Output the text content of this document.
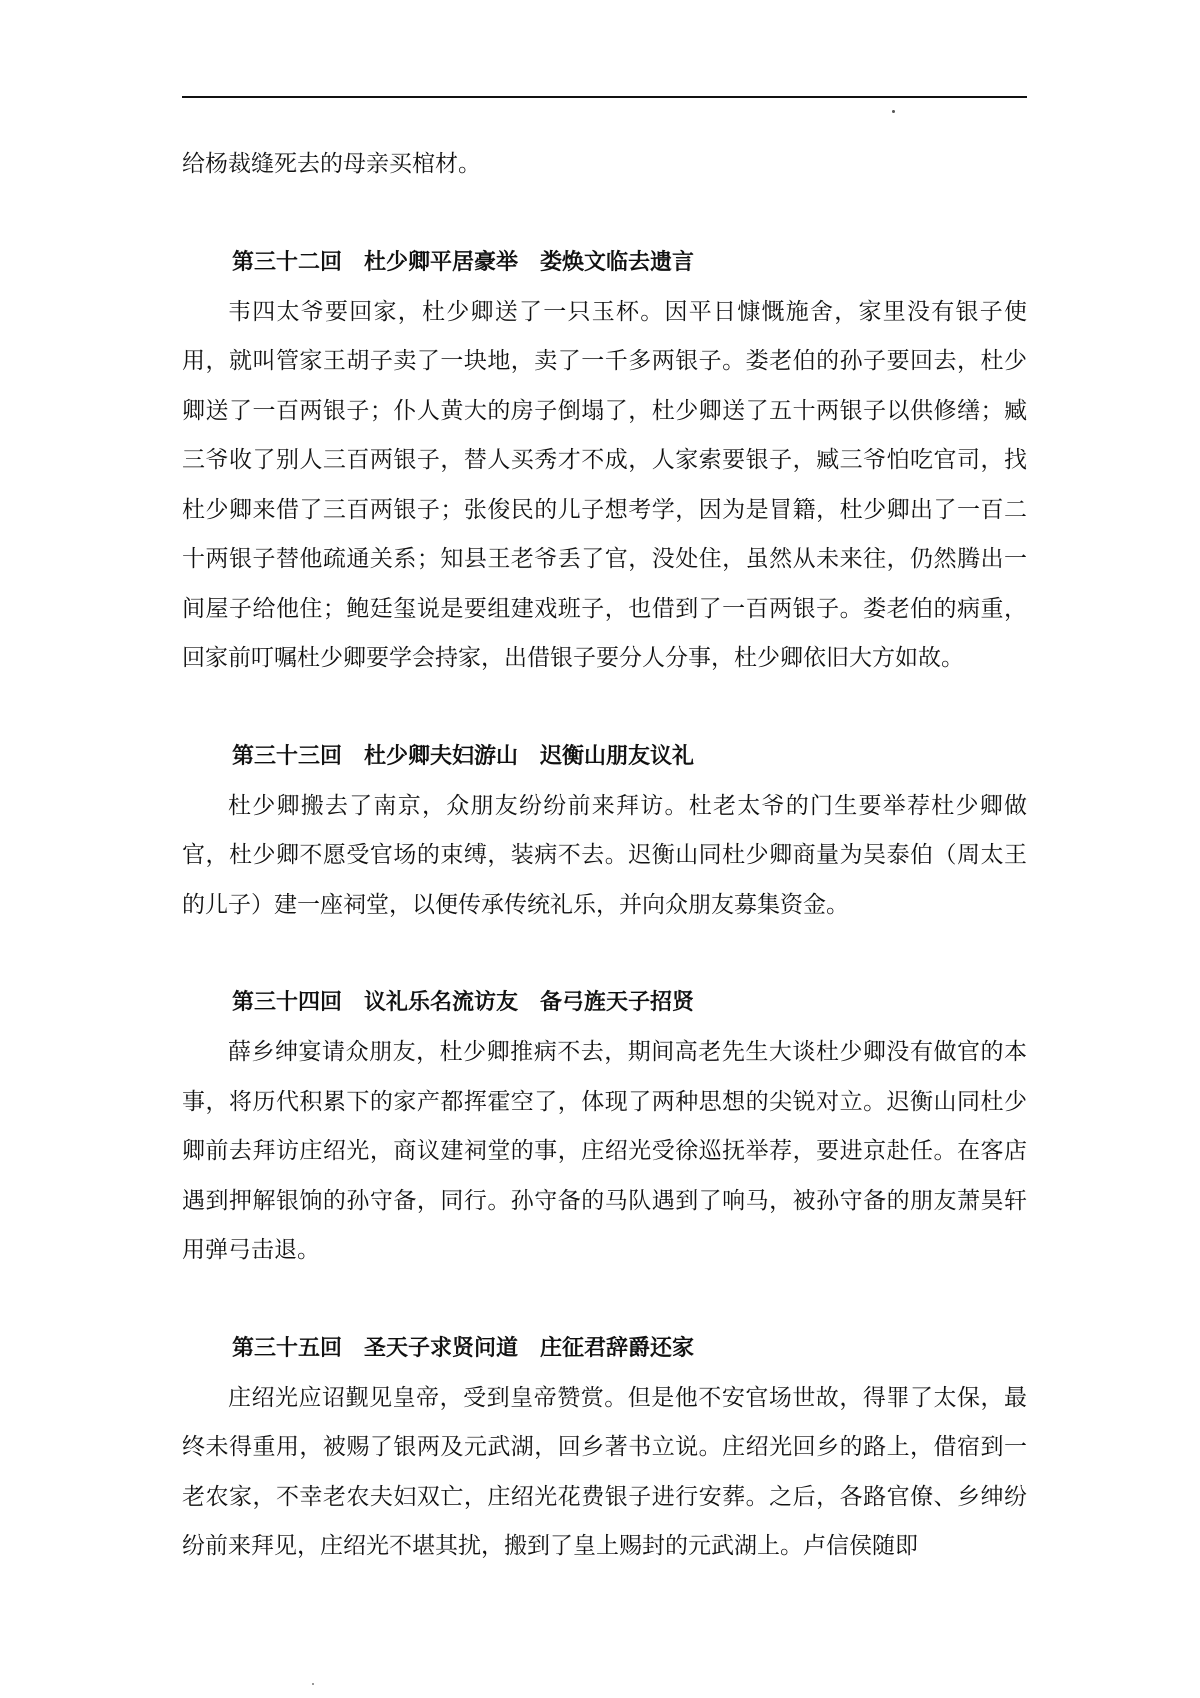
给杨裁缝死去的母亲买棺材。

第三十二回　杜少卿平居豪举　娄焕文临去遗言

韦四太爷要回家，杜少卿送了一只玉杯。因平日慷慨施舍，家里没有银子使用，就叫管家王胡子卖了一块地，卖了一千多两银子。娄老伯的孙子要回去，杜少卿送了一百两银子；仆人黄大的房子倒塌了，杜少卿送了五十两银子以供修缮；臧三爷收了别人三百两银子，替人买秀才不成，人家索要银子，臧三爷怕吃官司，找杜少卿来借了三百两银子；张俊民的儿子想考学，因为是冒籍，杜少卿出了一百二十两银子替他疏通关系；知县王老爷丢了官，没处住，虽然从未来往，仍然腾出一间屋子给他住；鲍廷玺说是要组建戏班子，也借到了一百两银子。娄老伯的病重，回家前叮嘱杜少卿要学会持家，出借银子要分人分事，杜少卿依旧大方如故。

第三十三回　杜少卿夫妇游山　迟衡山朋友议礼

杜少卿搬去了南京，众朋友纷纷前来拜访。杜老太爷的门生要举荐杜少卿做官，杜少卿不愿受官场的束缚，装病不去。迟衡山同杜少卿商量为吴泰伯（周太王的儿子）建一座祠堂，以便传承传统礼乐，并向众朋友募集资金。

第三十四回　议礼乐名流访友　备弓旌天子招贤

薛乡绅宴请众朋友，杜少卿推病不去，期间高老先生大谈杜少卿没有做官的本事，将历代积累下的家产都挥霍空了，体现了两种思想的尖锐对立。迟衡山同杜少卿前去拜访庄绍光，商议建祠堂的事，庄绍光受徐巡抚举荐，要进京赴任。在客店遇到押解银饷的孙守备，同行。孙守备的马队遇到了响马，被孙守备的朋友萧昊轩用弹弓击退。

第三十五回　圣天子求贤问道　庄征君辞爵还家

庄绍光应诏觐见皇帝，受到皇帝赞赏。但是他不安官场世故，得罪了太保，最终未得重用，被赐了银两及元武湖，回乡著书立说。庄绍光回乡的路上，借宿到一老农家，不幸老农夫妇双亡，庄绍光花费银子进行安葬。之后，各路官僚、乡绅纷纷前来拜见，庄绍光不堪其扰，搬到了皇上赐封的元武湖上。卢信侯随即
